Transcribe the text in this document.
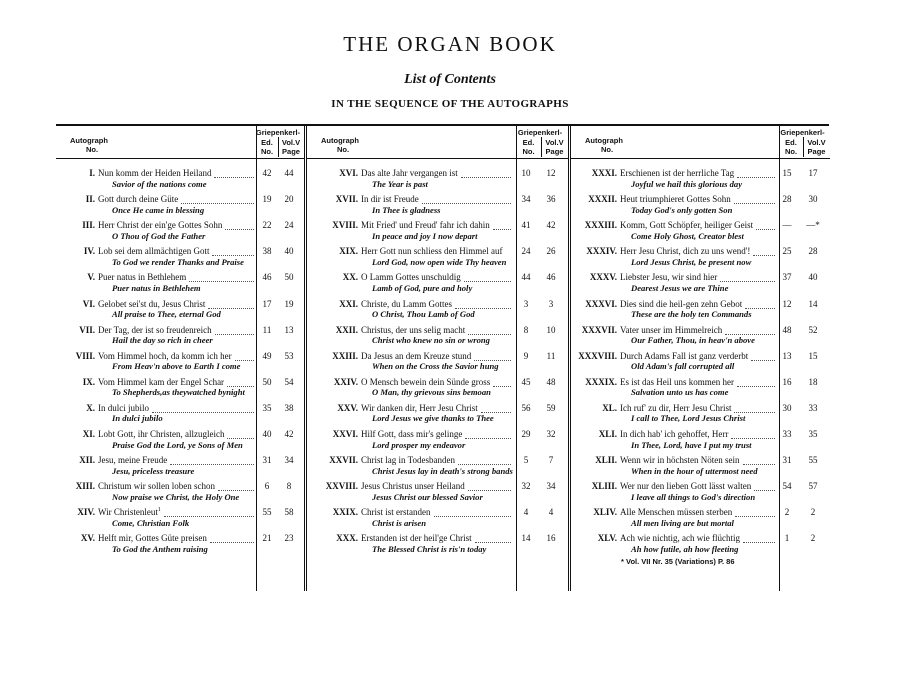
THE ORGAN BOOK
List of Contents
IN THE SEQUENCE OF THE AUTOGRAPHS
Autograph
No.
Griepenkerl-
Ed.	Vol.V
No.	Page
I. Nun komm der Heiden Heiland
Savior of the nations come
42 44
II. Gott durch deine Güte
Once He came in blessing
19 20
III. Herr Christ der ein'ge Gottes Sohn
O Thou of God the Father
22 24
IV. Lob sei dem allmächtigen Gott
To God we render Thanks and Praise
38 40
V. Puer natus in Bethlehem
Puer natus in Bethlehem
46 50
VI. Gelobet sei'st du, Jesus Christ
All praise to Thee, eternal God
17 19
VII. Der Tag, der ist so freudenreich
Hail the day so rich in cheer
11 13
VIII. Vom Himmel hoch, da komm ich her
From Heav'n above to Earth I come
49 53
IX. Vom Himmel kam der Engel Schar
To Shepherds,as theywatched bynight
50 54
X. In dulci jubilo
In dulci jubilo
35 38
XI. Lobt Gott, ihr Christen, allzugleich
Praise God the Lord, ye Sons of Men
40 42
XII. Jesu, meine Freude
Jesu, priceless treasure
31 34
XIII. Christum wir sollen loben schon
Now praise we Christ, the Holy One
6	8
XIV. Wir Christenleut$^1$
Come, Christian Folk
55 58
XV. Helft mir, Gottes Güte preisen
To God the Anthem raising
21 23
Autograph
No.
Griepenkerl-
Ed.	Vol.V
No.	Page
XVI. Das alte Jahr vergangen ist
The Year is past
10 12
XVII. In dir ist Freude
In Thee is gladness
34 36
XVIII. Mit Fried' und Freud' fahr ich dahin
In peace and joy I now depart
41 42
XIX. Herr Gott nun schliess den Himmel auf
Lord God, now open wide Thy heaven
24 26
XX. O Lamm Gottes unschuldig
Lamb of God, pure and holy
44 46
XXI. Christe, du Lamm Gottes
O Christ, Thou Lamb of God
3	3
XXII. Christus, der uns selig macht
Christ who knew no sin or wrong
8	10
XXIII. Da Jesus an dem Kreuze stund
When on the Cross the Savior hung
9	11
XXIV. O Mensch bewein dein Sünde gross
O Man, thy grievous sins bemoan
45 48
XXV. Wir danken dir, Herr Jesu Christ
Lord Jesus we give thanks to Thee
56 59
XXVI. Hilf Gott, dass mir's gelinge
Lord prosper my endeavor
29 32
XXVII. Christ lag in Todesbanden
Christ Jesus lay in death's strong bands
5	7
XXVIII. Jesus Christus unser Heiland
Jesus Christ our blessed Savior
32 34
XXIX. Christ ist erstanden
Christ is arisen
4	4
XXX. Erstanden ist der heil'ge Christ
The Blessed Christ is ris'n today
14 16
Autograph
No.
Griepenkerl-
Ed.	Vol.V
No.	Page
XXXI. Erschienen ist der herrliche Tag
Joyful we hail this glorious day
15 17
XXXII. Heut triumphieret Gottes Sohn
Today God's only gotten Son
28 30
XXXIII. Komm, Gott Schöpfer, heiliger Geist
Come Holy Ghost, Creator blest
— —*
XXXIV. Herr Jesu Christ, dich zu uns wend'!
Lord Jesus Christ, be present now
25 28
XXXV. Liebster Jesu, wir sind hier
Dearest Jesus we are Thine
37 40
XXXVI. Dies sind die heil-gen zehn Gebot
These are the holy ten Commands
12 14
XXXVII. Vater unser im Himmelreich
Our Father, Thou, in heav'n above
48 52
XXXVIII. Durch Adams Fall ist ganz verderbt
Old Adam's fall corrupted all
13 15
XXXIX. Es ist das Heil uns kommen her
Salvation unto us has come
16 18
XL. Ich ruf' zu dir, Herr Jesu Christ
I call to Thee, Lord Jesus Christ
30 33
XLI. In dich hab' ich gehoffet, Herr
In Thee, Lord, have I put my trust
33 35
XLII. Wenn wir in höchsten Nöten sein
When in the hour of uttermost need
31 55
XLIII. Wer nur den lieben Gott lässt walten
I leave all things to God's direction
54 57
XLIV. Alle Menschen müssen sterben
All men living are but mortal
2	2
XLV. Ach wie nichtig, ach wie flüchtig
Ah how futile, ah how fleeting
1	2
* Vol. VII Nr. 35 (Variations) P. 86
